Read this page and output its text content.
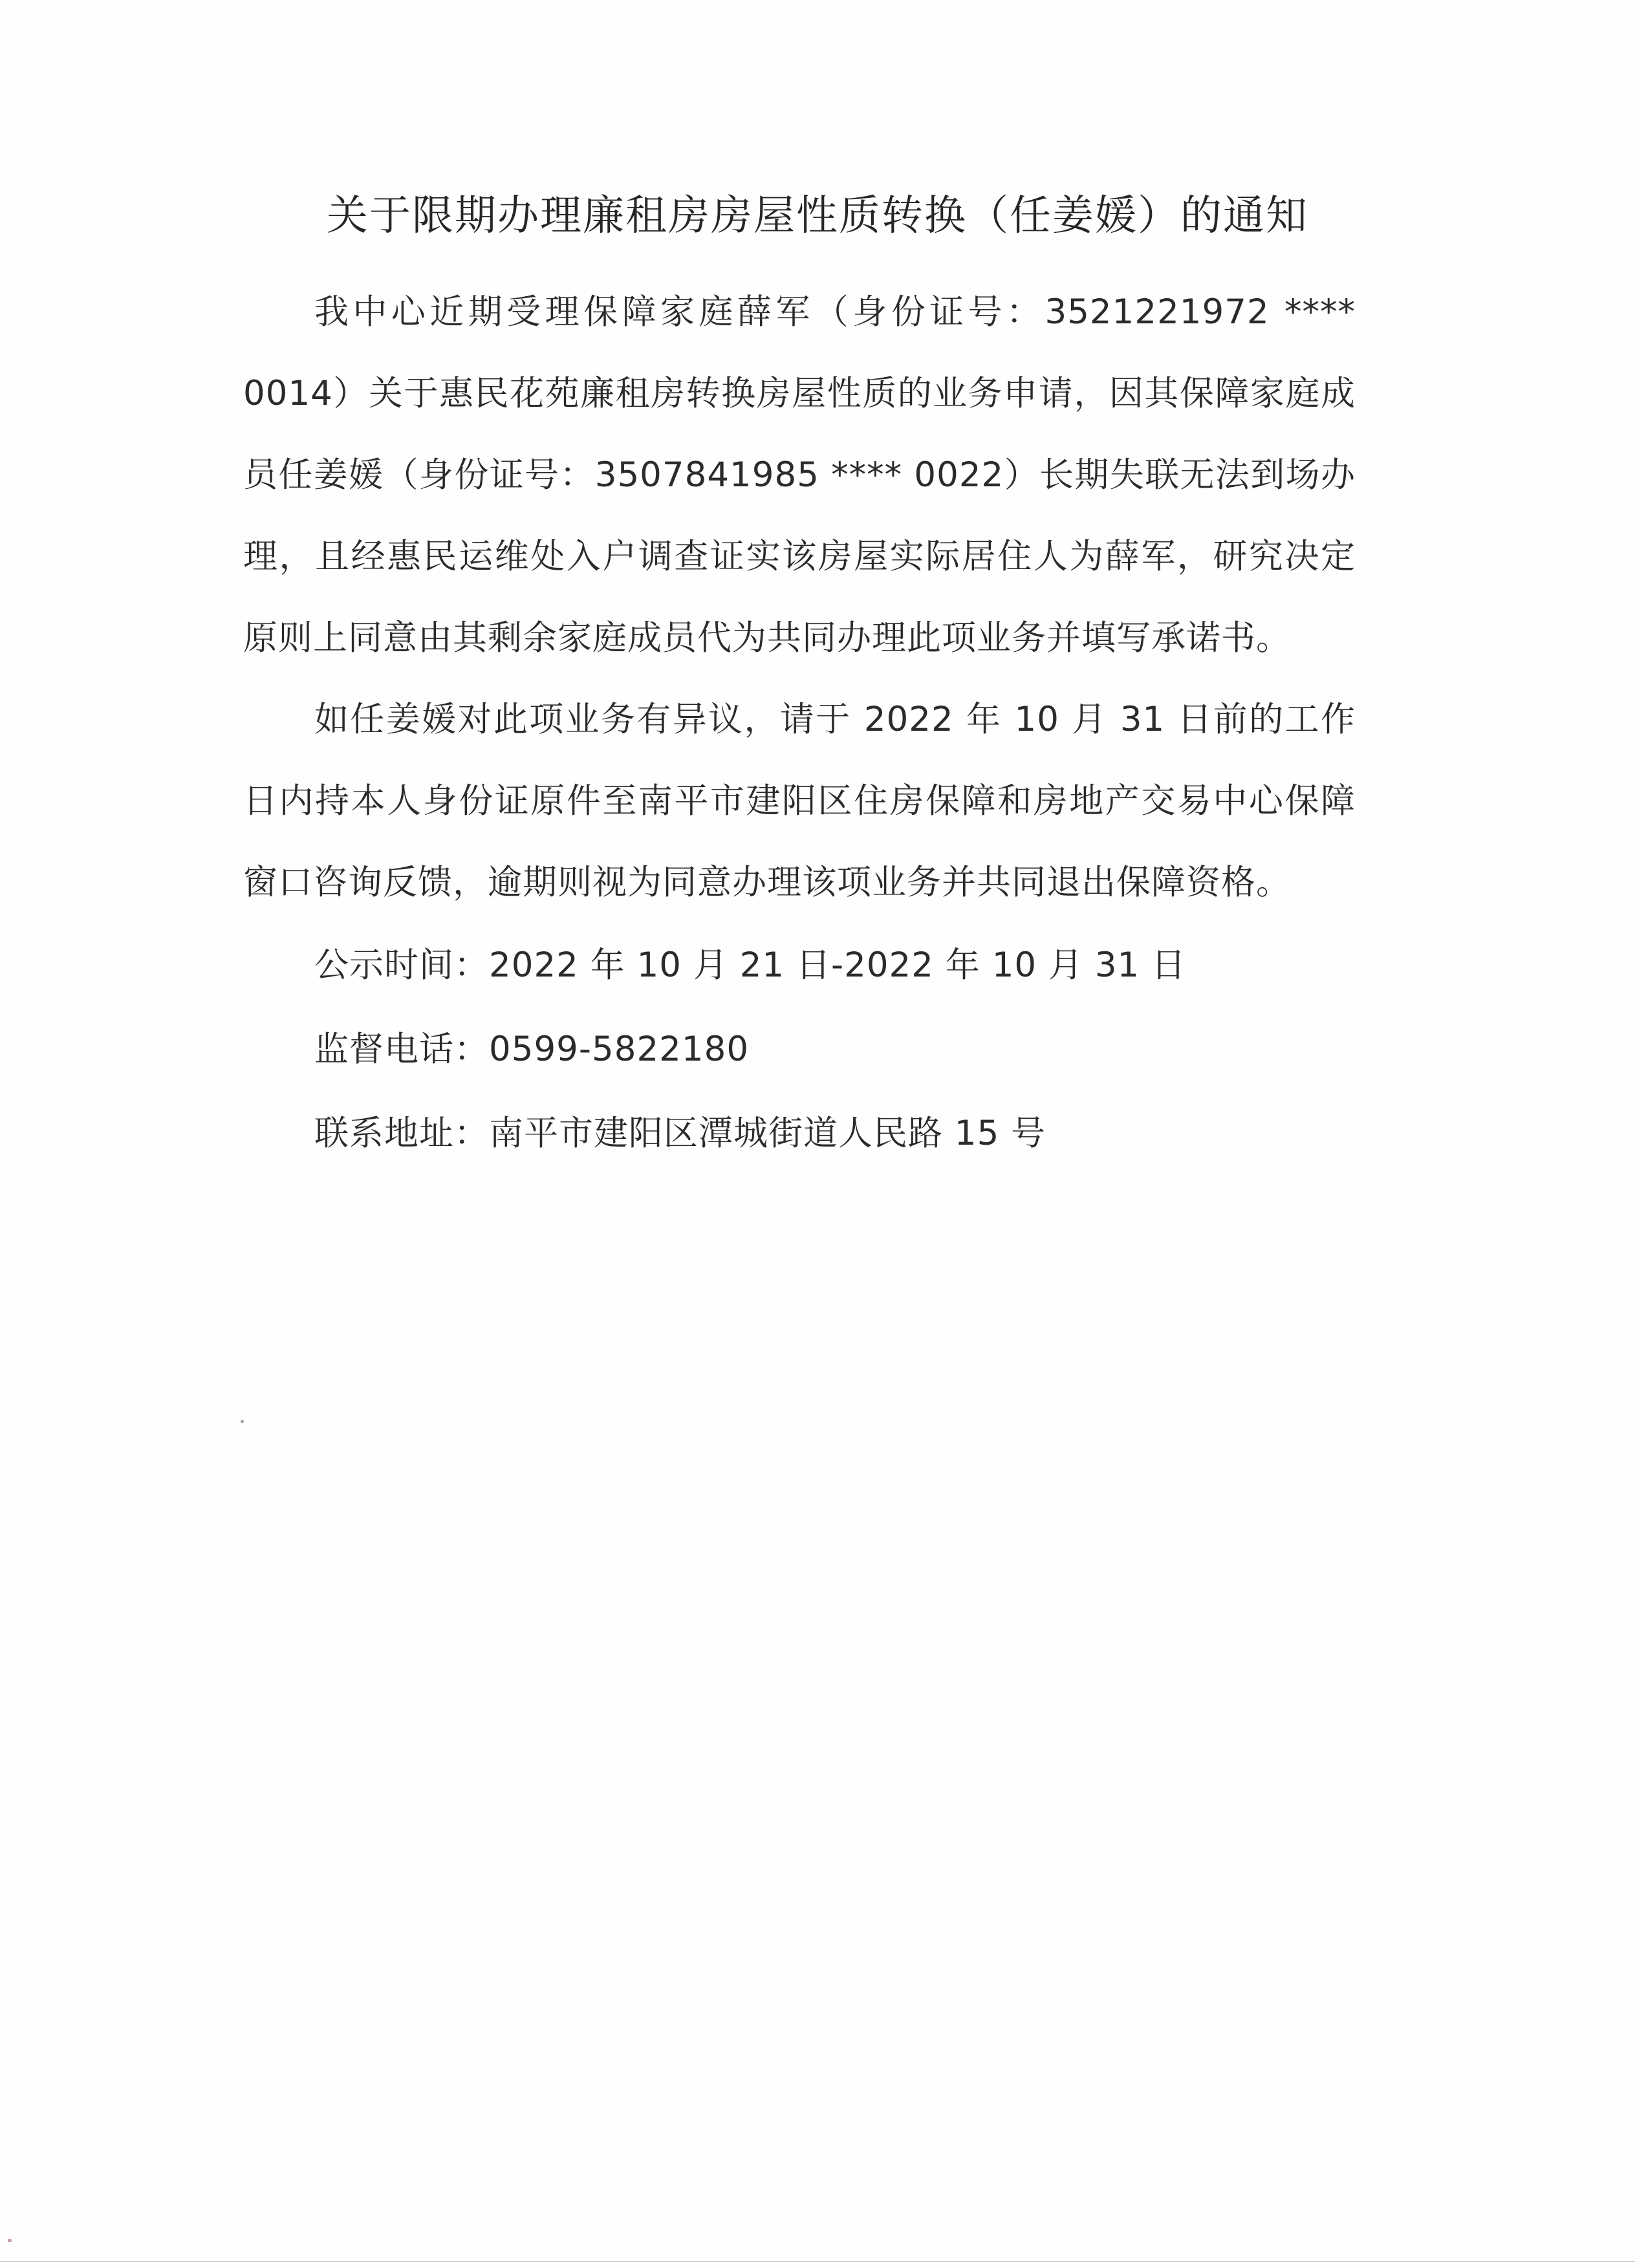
关于限期办理廉租房房屋性质转换（任姜媛）的通知

我中心近期受理保障家庭薛军（身份证号：3521221972 **** 0014）关于惠民花苑廉租房转换房屋性质的业务申请，因其保障家庭成员任姜媛（身份证号：3507841985 **** 0022）长期失联无法到场办理，且经惠民运维处入户调查证实该房屋实际居住人为薛军，研究决定原则上同意由其剩余家庭成员代为共同办理此项业务并填写承诺书。

如任姜媛对此项业务有异议，请于 2022 年 10 月 31 日前的工作日内持本人身份证原件至南平市建阳区住房保障和房地产交易中心保障窗口咨询反馈，逾期则视为同意办理该项业务并共同退出保障资格。

公示时间：2022 年 10 月 21 日-2022 年 10 月 31 日

监督电话：0599-5822180

联系地址：南平市建阳区潭城街道人民路 15 号
